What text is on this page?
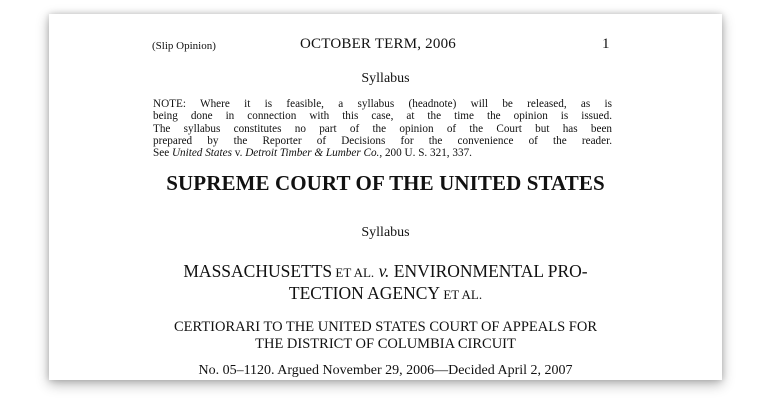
(Slip Opinion)	OCTOBER TERM, 2006	1
Syllabus
NOTE: Where it is feasible, a syllabus (headnote) will be released, as is
being done in connection with this case, at the time the opinion is issued.
The syllabus constitutes no part of the opinion of the Court but has been
prepared by the Reporter of Decisions for the convenience of the reader.
See United States v. Detroit Timber & Lumber Co., 200 U. S. 321, 337.
SUPREME COURT OF THE UNITED STATES
Syllabus
MASSACHUSETTS ET AL. v. ENVIRONMENTAL PRO-
TECTION AGENCY ET AL.
CERTIORARI TO THE UNITED STATES COURT OF APPEALS FOR
THE DISTRICT OF COLUMBIA CIRCUIT
No. 05–1120. Argued November 29, 2006—Decided April 2, 2007
